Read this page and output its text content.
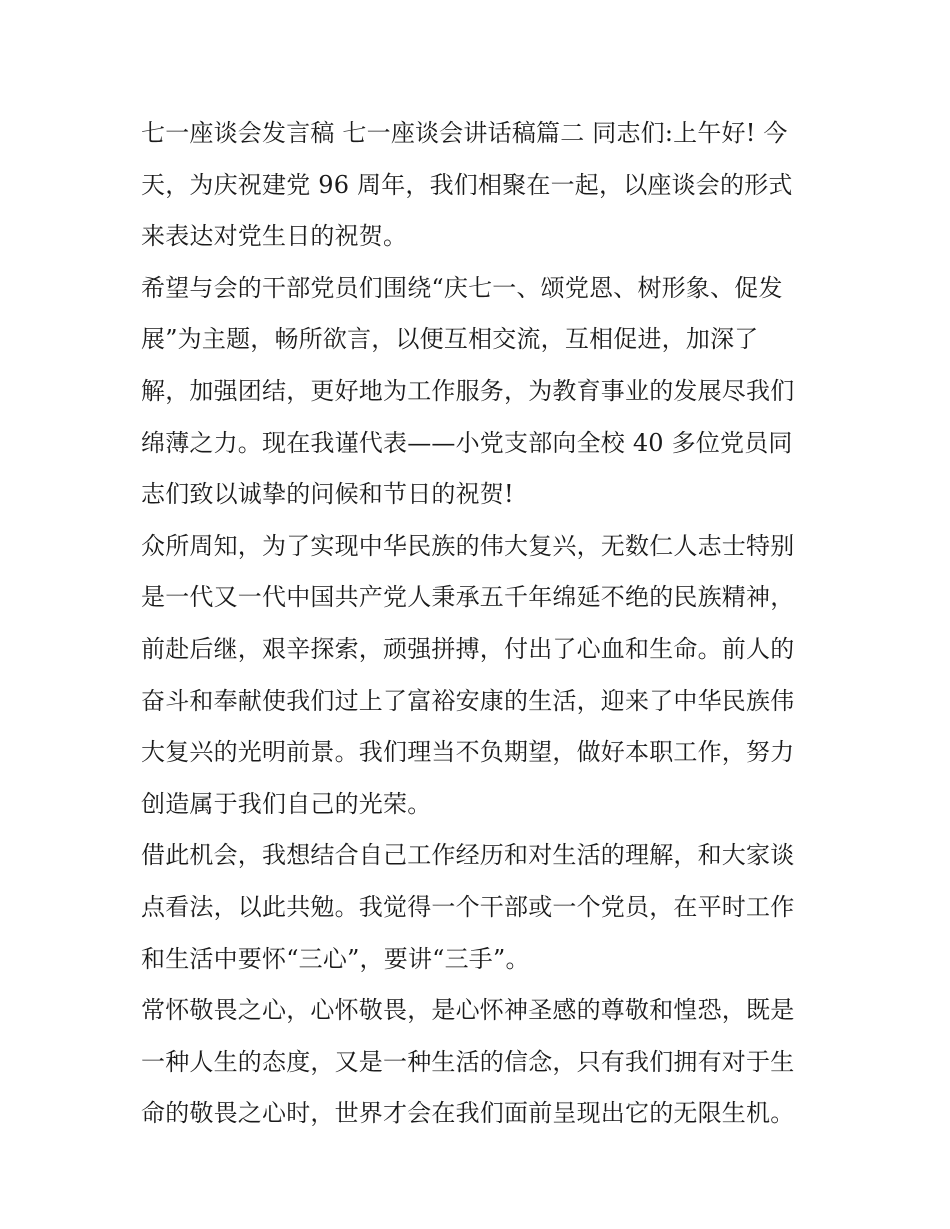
七一座谈会发言稿 七一座谈会讲话稿篇二 同志们:上午好! 今
天，为庆祝建党 96 周年，我们相聚在一起，以座谈会的形式
来表达对党生日的祝贺。
希望与会的干部党员们围绕“庆七一、颂党恩、树形象、促发
展”为主题，畅所欲言，以便互相交流，互相促进，加深了
解，加强团结，更好地为工作服务，为教育事业的发展尽我们
绵薄之力。现在我谨代表——小党支部向全校 40 多位党员同
志们致以诚挚的问候和节日的祝贺!
众所周知，为了实现中华民族的伟大复兴，无数仁人志士特别
是一代又一代中国共产党人秉承五千年绵延不绝的民族精神，
前赴后继，艰辛探索，顽强拼搏，付出了心血和生命。前人的
奋斗和奉献使我们过上了富裕安康的生活，迎来了中华民族伟
大复兴的光明前景。我们理当不负期望，做好本职工作，努力
创造属于我们自己的光荣。
借此机会，我想结合自己工作经历和对生活的理解，和大家谈
点看法，以此共勉。我觉得一个干部或一个党员，在平时工作
和生活中要怀“三心”，要讲“三手”。
常怀敬畏之心，心怀敬畏，是心怀神圣感的尊敬和惶恐，既是
一种人生的态度，又是一种生活的信念，只有我们拥有对于生
命的敬畏之心时，世界才会在我们面前呈现出它的无限生机。
